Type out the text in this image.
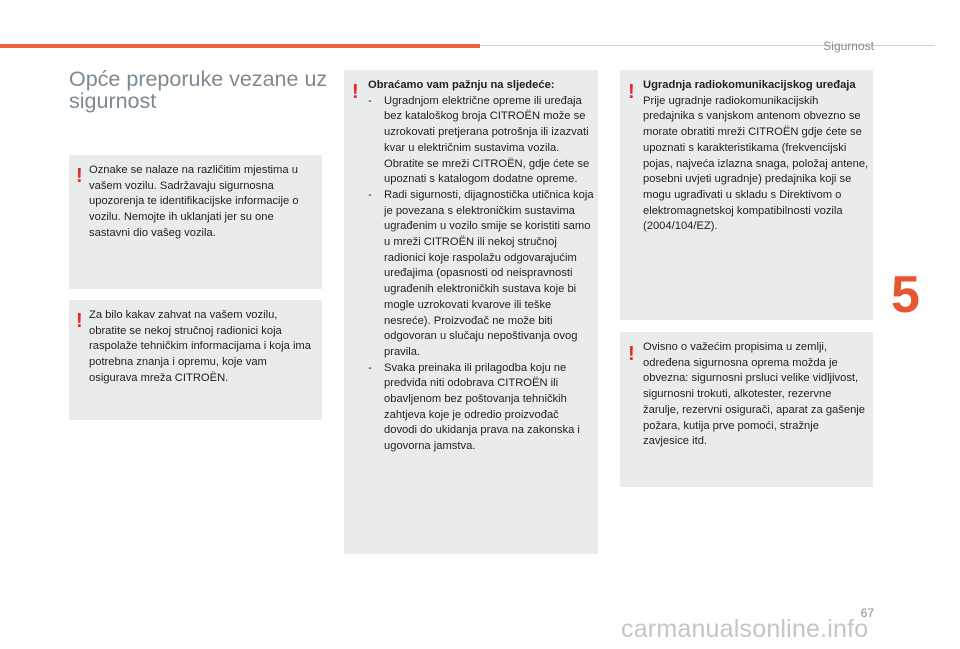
Sigurnost
5
Opće preporuke vezane uz sigurnost
! Oznake se nalaze na različitim mjestima u vašem vozilu. Sadržavaju sigurnosna upozorenja te identifikacijske informacije o vozilu. Nemojte ih uklanjati jer su one sastavni dio vašeg vozila.
! Za bilo kakav zahvat na vašem vozilu, obratite se nekoj stručnoj radionici koja raspolaže tehničkim informacijama i koja ima potrebna znanja i opremu, koje vam osigurava mreža CITROËN.
! Obraćamo vam pažnju na sljedeće:

- Ugradnjom električne opreme ili uređaja bez kataloškog broja CITROËN može se uzrokovati pretjerana potrošnja ili izazvati kvar u električnim sustavima vozila. Obratite se mreži CITROËN, gdje ćete se upoznati s katalogom dodatne opreme.
- Radi sigurnosti, dijagnostička utičnica koja je povezana s elektroničkim sustavima ugrađenim u vozilo smije se koristiti samo u mreži CITROËN ili nekoj stručnoj radionici koje raspolažu odgovarajućim uređajima (opasnosti od neispravnosti ugrađenih elektroničkih sustava koje bi mogle uzrokovati kvarove ili teške nesreće). Proizvođač ne može biti odgovoran u slučaju nepoštivanja ovog pravila.
- Svaka preinaka ili prilagodba koju ne predviđa niti odobrava CITROËN ili obavljenom bez poštovanja tehničkih zahtjeva koje je odredio proizvođač dovodi do ukidanja prava na zakonska i ugovorna jamstva.
! Ugradnja radiokomunikacijskog uređaja

Prije ugradnje radiokomunikacijskih predajnika s vanjskom antenom obvezno se morate obratiti mreži CITROËN gdje ćete se upoznati s karakteristikama (frekvencijski pojas, najveća izlazna snaga, položaj antene, posebni uvjeti ugradnje) predajnika koji se mogu ugrađivati u skladu s Direktivom o elektromagnetskoj kompatibilnosti vozila (2004/104/EZ).

! Ovisno o važećim propisima u zemlji, određena sigurnosna oprema možda je obvezna: sigurnosni prsluci velike vidljivost, sigurnosni trokuti, alkotester, rezervne žarulje, rezervni osigurači, aparat za gašenje požara, kutija prve pomoći, stražnje zavjesice itd.
67
carmanualsonline.info
